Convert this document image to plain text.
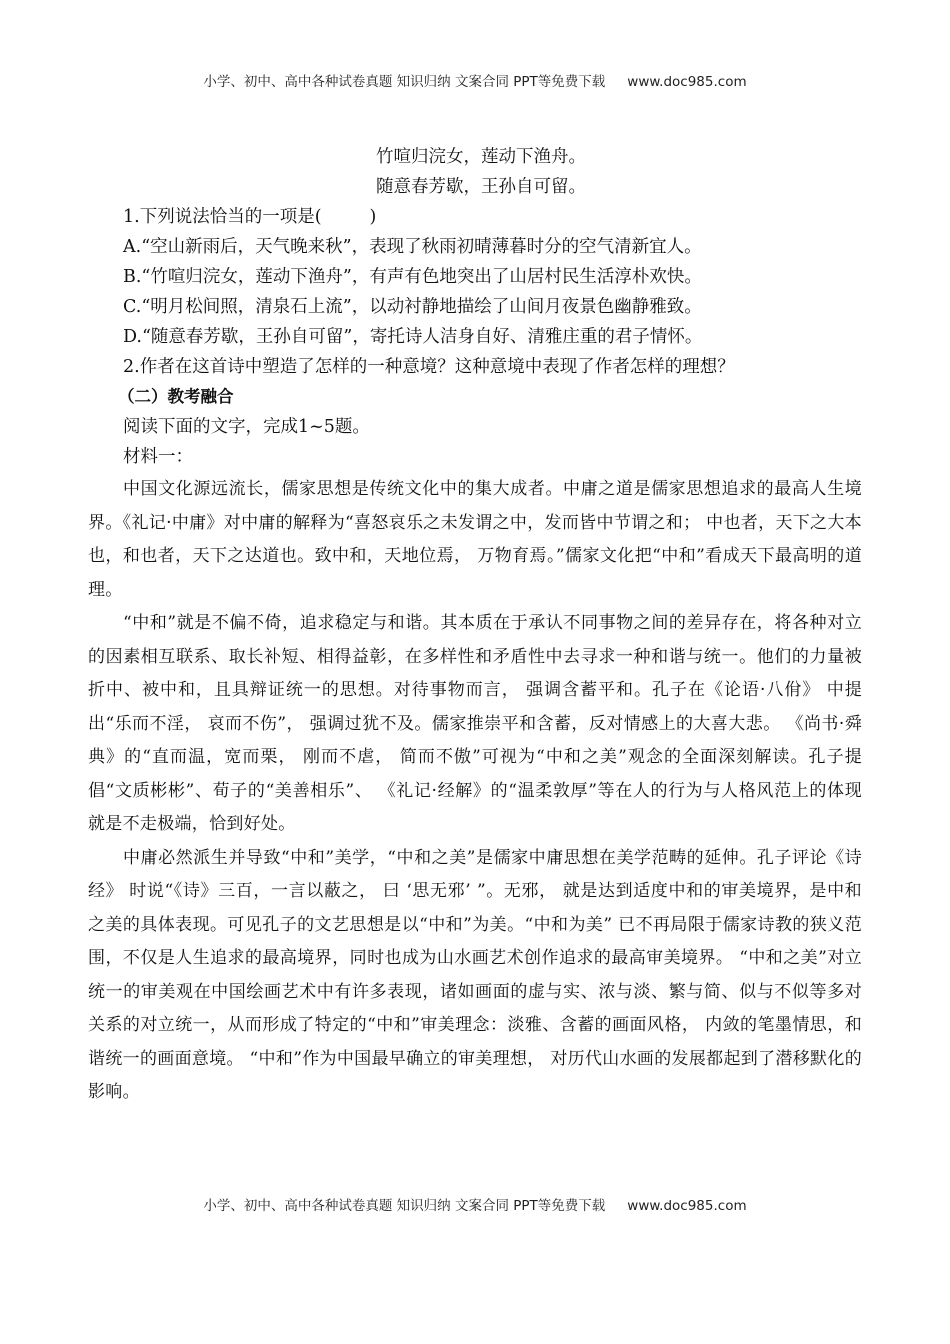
小学、初中、高中各种试卷真题 知识归纳 文案合同 PPT等免费下载 www.doc985.com
竹喧归浣女，莲动下渔舟。
随意春芳歇，王孙自可留。
1.下列说法恰当的一项是(	)
A.“空山新雨后，天气晚来秋”，表现了秋雨初晴薄暮时分的空气清新宜人。
B.“竹喧归浣女，莲动下渔舟”，有声有色地突出了山居村民生活淳朴欢快。
C.“明月松间照，清泉石上流”，以动衬静地描绘了山间月夜景色幽静雅致。
D.“随意春芳歇，王孙自可留”，寄托诗人洁身自好、清雅庄重的君子情怀。
2.作者在这首诗中塑造了怎样的一种意境？这种意境中表现了作者怎样的理想？
（二）教考融合
阅读下面的文字，完成1~5题。
材料一：
中国文化源远流长，儒家思想是传统文化中的集大成者。中庸之道是儒家思想追求的最高人生境界。《礼记·中庸》对中庸的解释为“喜怒哀乐之未发谓之中，发而皆中节谓之和； 中也者，天下之大本也，和也者，天下之达道也。致中和，天地位焉， 万物育焉。”儒家文化把“中和”看成天下最高明的道理。
“中和”就是不偏不倚，追求稳定与和谐。其本质在于承认不同事物之间的差异存在，将各种对立的因素相互联系、取长补短、相得益彰，在多样性和矛盾性中去寻求一种和谐与统一。他们的力量被折中、被中和，且具辩证统一的思想。对待事物而言， 强调含蓄平和。孔子在《论语·八佾》 中提出“乐而不淫， 哀而不伤”， 强调过犹不及。儒家推崇平和含蓄，反对情感上的大喜大悲。 《尚书·舜典》的“直而温，宽而栗， 刚而不虐， 简而不傲”可视为“中和之美”观念的全面深刻解读。孔子提倡“文质彬彬”、荀子的“美善相乐”、 《礼记·经解》的“温柔敦厚”等在人的行为与人格风范上的体现就是不走极端，恰到好处。
中庸必然派生并导致“中和”美学，“中和之美”是儒家中庸思想在美学范畴的延伸。孔子评论《诗经》 时说“《诗》三百，一言以蔽之， 曰 ‘思无邪’ ”。无邪， 就是达到适度中和的审美境界，是中和之美的具体表现。可见孔子的文艺思想是以“中和”为美。“中和为美” 已不再局限于儒家诗教的狭义范围，不仅是人生追求的最高境界，同时也成为山水画艺术创作追求的最高审美境界。 “中和之美”对立统一的审美观在中国绘画艺术中有许多表现，诸如画面的虚与实、浓与淡、繁与简、似与不似等多对关系的对立统一，从而形成了特定的“中和”审美理念：淡雅、含蓄的画面风格， 内敛的笔墨情思，和谐统一的画面意境。 “中和”作为中国最早确立的审美理想， 对历代山水画的发展都起到了潜移默化的影响。
小学、初中、高中各种试卷真题 知识归纳 文案合同 PPT等免费下载 www.doc985.com
